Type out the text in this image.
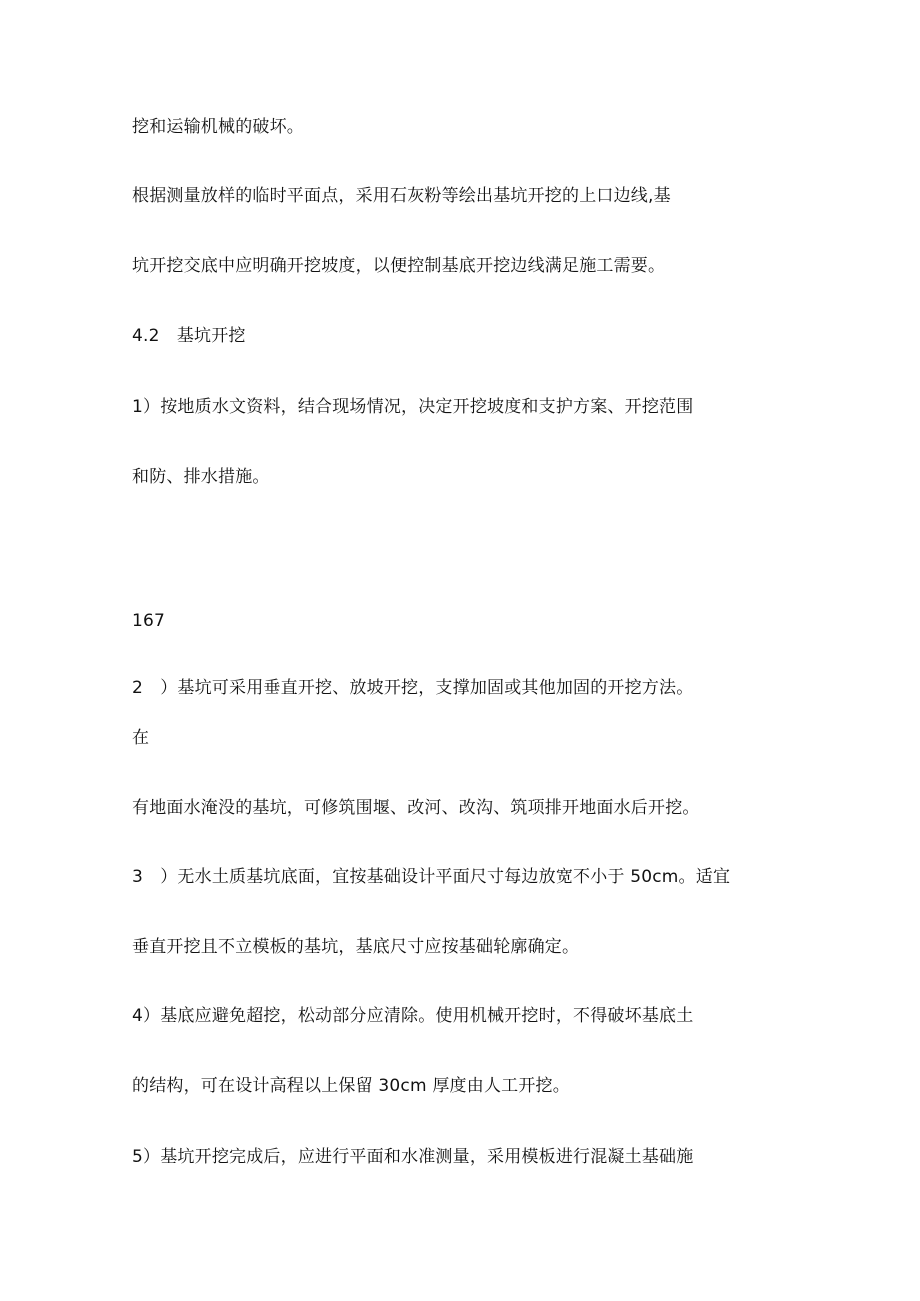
挖和运输机械的破坏。
根据测量放样的临时平面点，采用石灰粉等绘出基坑开挖的上口边线,基
坑开挖交底中应明确开挖坡度，以便控制基底开挖边线满足施工需要。
4.2　基坑开挖
1）按地质水文资料，结合现场情况，决定开挖坡度和支护方案、开挖范围
和防、排水措施。
167
2　）基坑可采用垂直开挖、放坡开挖，支撑加固或其他加固的开挖方法。
在
有地面水淹没的基坑，可修筑围堰、改河、改沟、筑项排开地面水后开挖。
3　）无水土质基坑底面，宜按基础设计平面尺寸每边放宽不小于 50cm。适宜
垂直开挖且不立模板的基坑，基底尺寸应按基础轮廓确定。
4）基底应避免超挖，松动部分应清除。使用机械开挖时，不得破坏基底土
的结构，可在设计高程以上保留 30cm 厚度由人工开挖。
5）基坑开挖完成后，应进行平面和水准测量，采用模板进行混凝土基础施
